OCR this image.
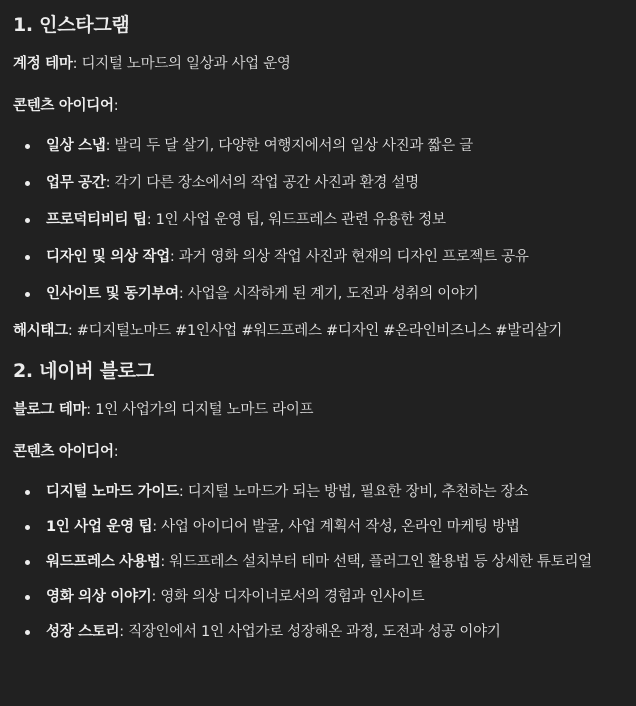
1. 인스타그램
계정 테마: 디지털 노마드의 일상과 사업 운영
콘텐츠 아이디어:
일상 스냅: 발리 두 달 살기, 다양한 여행지에서의 일상 사진과 짧은 글
업무 공간: 각기 다른 장소에서의 작업 공간 사진과 환경 설명
프로덕티비티 팁: 1인 사업 운영 팁, 워드프레스 관련 유용한 정보
디자인 및 의상 작업: 과거 영화 의상 작업 사진과 현재의 디자인 프로젝트 공유
인사이트 및 동기부여: 사업을 시작하게 된 계기, 도전과 성취의 이야기
해시태그: #디지털노마드 #1인사업 #워드프레스 #디자인 #온라인비즈니스 #발리살기
2. 네이버 블로그
블로그 테마: 1인 사업가의 디지털 노마드 라이프
콘텐츠 아이디어:
디지털 노마드 가이드: 디지털 노마드가 되는 방법, 필요한 장비, 추천하는 장소
1인 사업 운영 팁: 사업 아이디어 발굴, 사업 계획서 작성, 온라인 마케팅 방법
워드프레스 사용법: 워드프레스 설치부터 테마 선택, 플러그인 활용법 등 상세한 튜토리얼
영화 의상 이야기: 영화 의상 디자이너로서의 경험과 인사이트
성장 스토리: 직장인에서 1인 사업가로 성장해온 과정, 도전과 성공 이야기
